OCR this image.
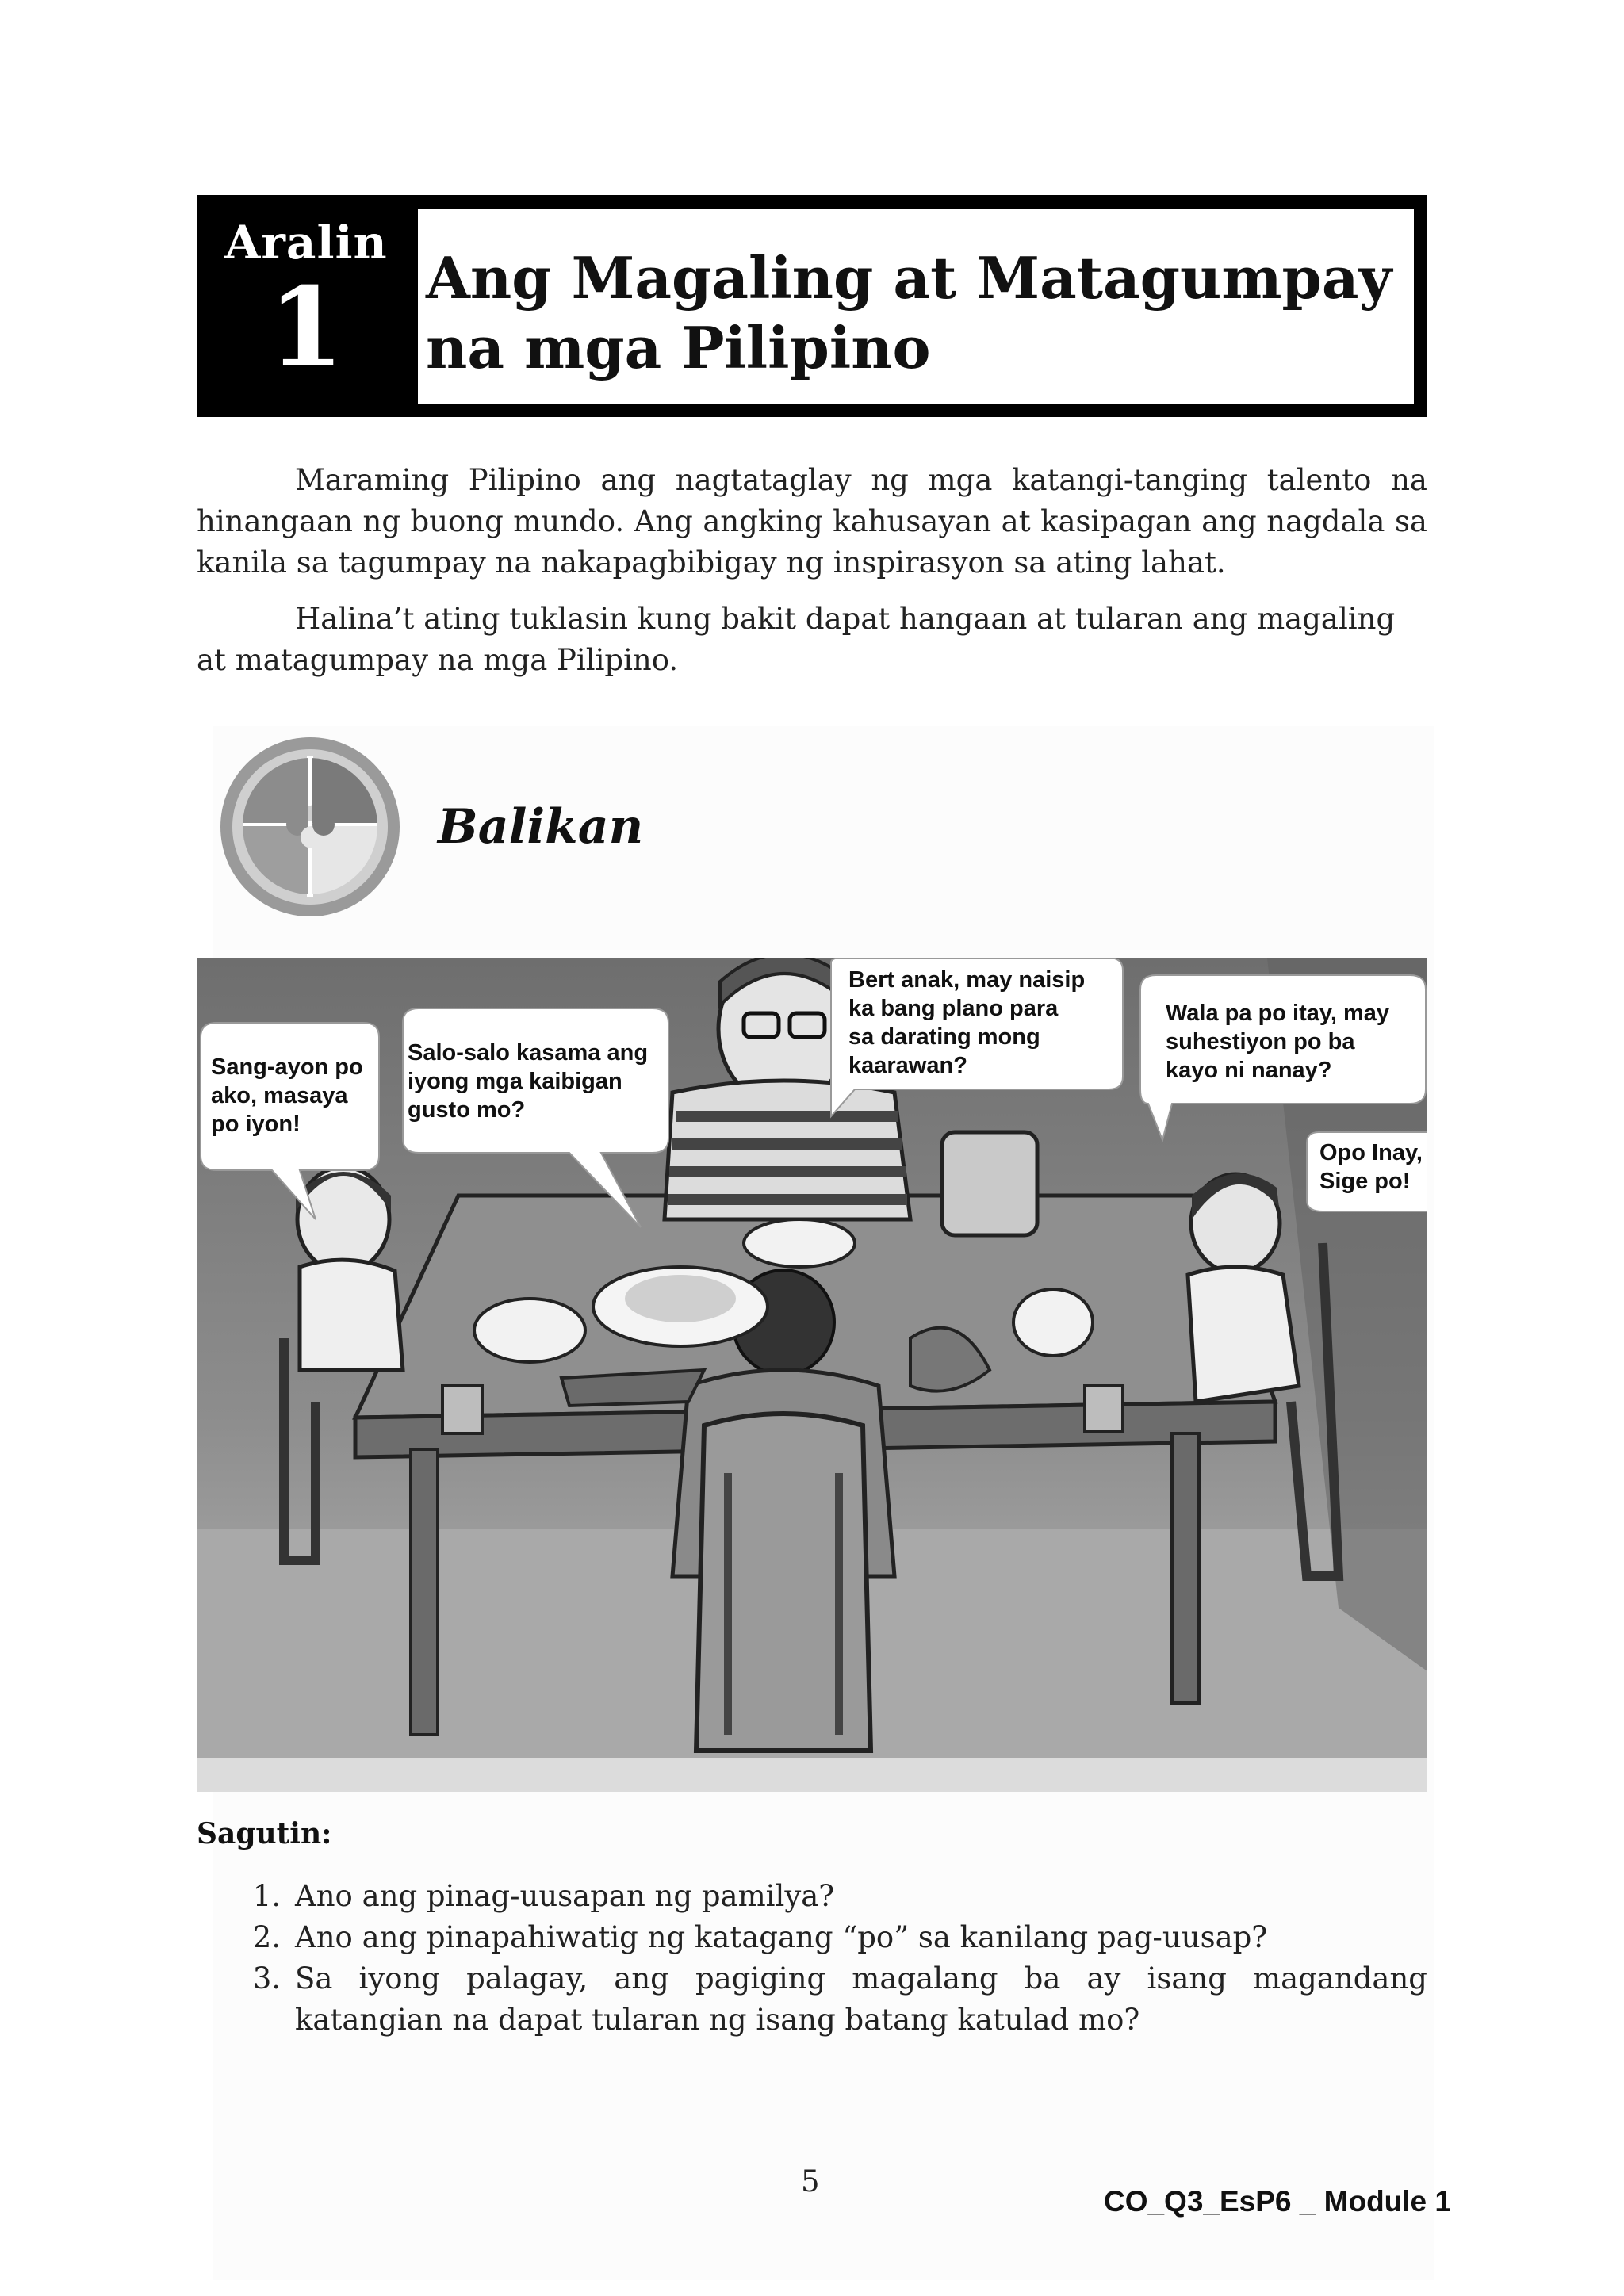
Aralin
1 Ang Magaling at Matagumpay
na mga Pilipino

Maraming Pilipino ang nagtataglay ng mga katangi-tanging talento na hinangaan ng buong mundo. Ang angking kahusayan at kasipagan ang nagdala sa kanila sa tagumpay na nakapagbibigay ng inspirasyon sa ating lahat.

Halina’t ating tuklasin kung bakit dapat hangaan at tularan ang magaling at matagumpay na mga Pilipino.

Balikan
Sang-ayon po
ako, masaya
po iyon!
Salo-salo kasama ang
iyong mga kaibigan
gusto mo?
Bert anak, may naisip
ka bang plano para
sa darating mong
kaarawan?
Wala pa po itay, may
suhestiyon po ba
kayo ni nanay?
Opo Inay,
Sige po!
Sagutin:
1. Ano ang pinag-uusapan ng pamilya?
2. Ano ang pinapahiwatig ng katagang “po” sa kanilang pag-uusap?
3. Sa iyong palagay, ang pagiging magalang ba ay isang magandang katangian na dapat tularan ng isang batang katulad mo?
5
CO_Q3_EsP6 _ Module 1
